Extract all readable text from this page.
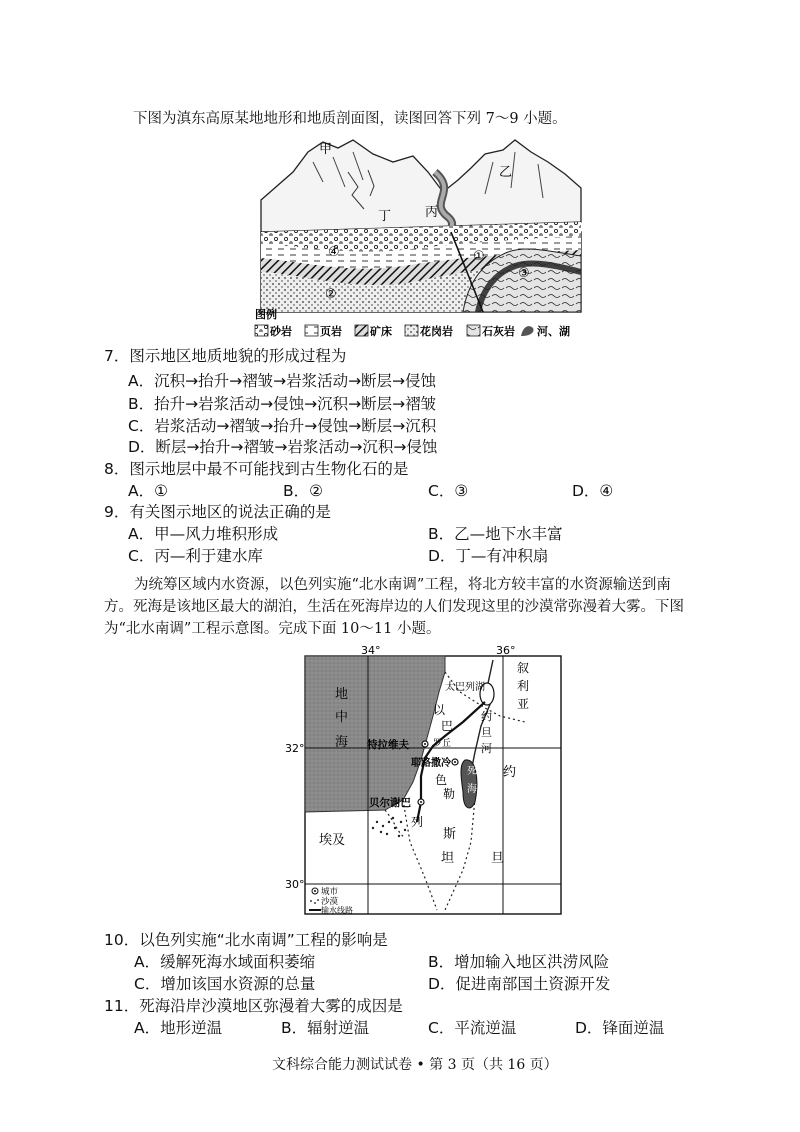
下图为滇东高原某地地形和地质剖面图，读图回答下列 7～9 小题。
甲
乙
丙
丁
①
②
③
④
图例
砂岩	页岩	矿床	花岗岩	石灰岩 河、湖
7．图示地区地质地貌的形成过程为
A．沉积→抬升→褶皱→岩浆活动→断层→侵蚀
B．抬升→岩浆活动→侵蚀→沉积→断层→褶皱
C．岩浆活动→褶皱→抬升→侵蚀→断层→沉积
D．断层→抬升→褶皱→岩浆活动→沉积→侵蚀
8．图示地层中最不可能找到古生物化石的是
A．①	B．②	C．③	D．④
9．有关图示地区的说法正确的是
A．甲—风力堆积形成	B．乙—地下水丰富
C．丙—利于建水库	D．丁—有冲积扇
为统筹区域内水资源，以色列实施“北水南调”工程，将北方较丰富的水资源输送到南
方。死海是该地区最大的湖泊，生活在死海岸边的人们发现这里的沙漠常弥漫着大雾。下图
为“北水南调”工程示意图。完成下面 10～11 小题。
34°	36°
32°
30°
地
中
海
叙
利
亚
太巴列湖
以
巴
约
旦
河
特拉维夫	罗丘
耶路撒冷
死
海
色
勒
列
约
斯
坦	旦
贝尔谢巴
埃及
城市
沙漠
输水线路
10．以色列实施“北水南调”工程的影响是
A．缓解死海水域面积萎缩	B．增加输入地区洪涝风险
C．增加该国水资源的总量	D．促进南部国土资源开发
11．死海沿岸沙漠地区弥漫着大雾的成因是
A．地形逆温	B．辐射逆温	C．平流逆温	D．锋面逆温
文科综合能力测试试卷 • 第 3 页（共 16 页）
